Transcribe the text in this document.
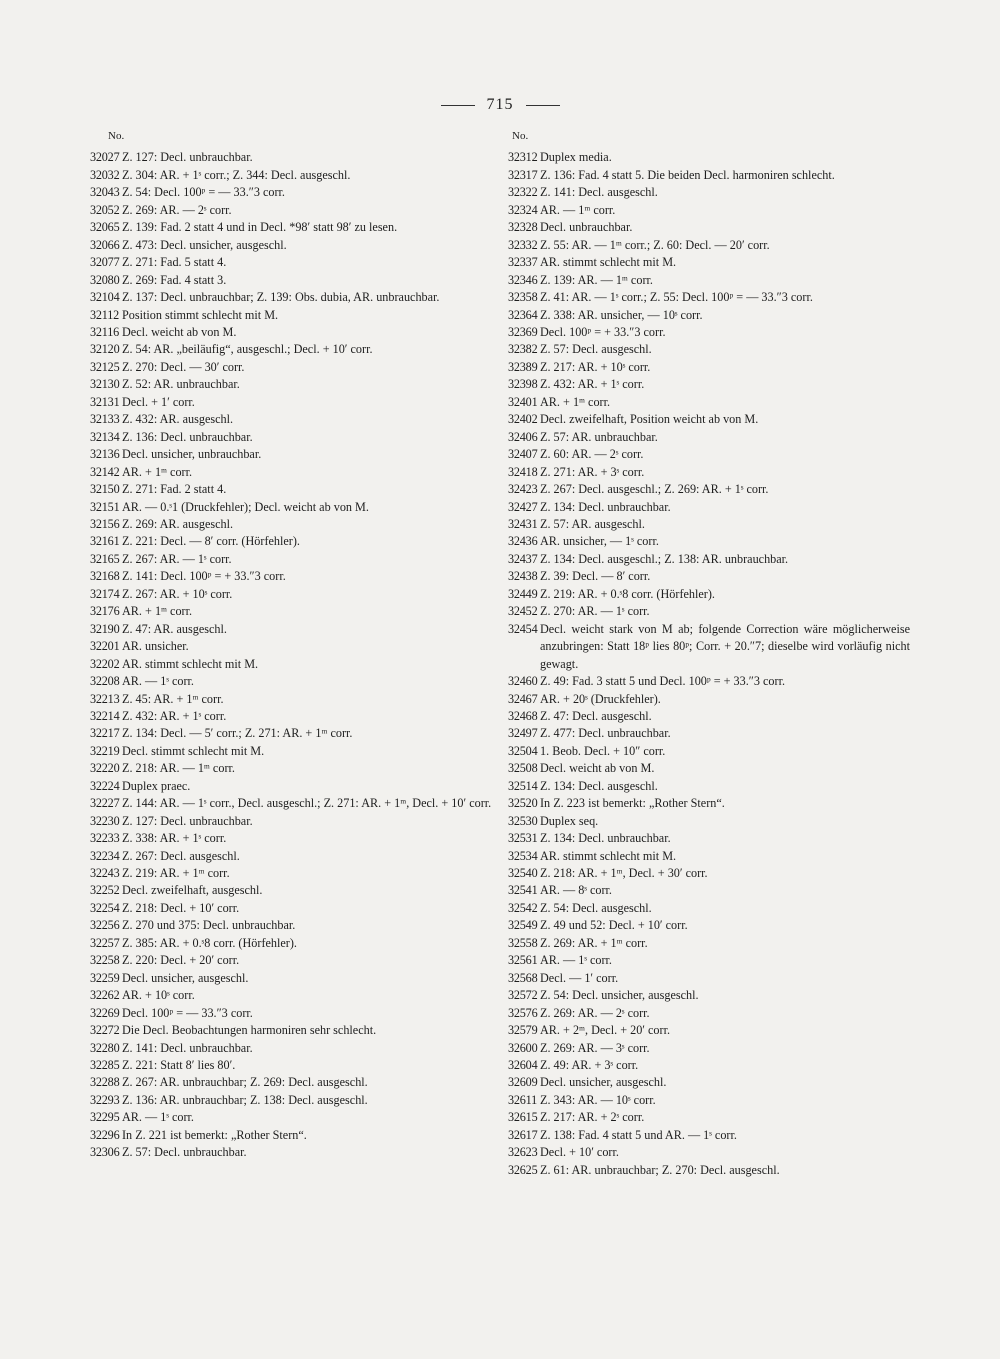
715
No.
32027 Z. 127: Decl. unbrauchbar.
32032 Z. 304: AR. + 1ˢ corr.; Z. 344: Decl. ausgeschl.
32043 Z. 54: Decl. 100ᵖ = — 33.″3 corr.
32052 Z. 269: AR. — 2ˢ corr.
32065 Z. 139: Fad. 2 statt 4 und in Decl. *98′ statt 98′ zu lesen.
32066 Z. 473: Decl. unsicher, ausgeschl.
32077 Z. 271: Fad. 5 statt 4.
32080 Z. 269: Fad. 4 statt 3.
32104 Z. 137: Decl. unbrauchbar; Z. 139: Obs. dubia, AR. unbrauchbar.
32112 Position stimmt schlecht mit M.
32116 Decl. weicht ab von M.
32120 Z. 54: AR. „beiläufig“, ausgeschl.; Decl. + 10′ corr.
32125 Z. 270: Decl. — 30′ corr.
32130 Z. 52: AR. unbrauchbar.
32131 Decl. + 1′ corr.
32133 Z. 432: AR. ausgeschl.
32134 Z. 136: Decl. unbrauchbar.
32136 Decl. unsicher, unbrauchbar.
32142 AR. + 1ᵐ corr.
32150 Z. 271: Fad. 2 statt 4.
32151 AR. — 0.ˢ1 (Druckfehler); Decl. weicht ab von M.
32156 Z. 269: AR. ausgeschl.
32161 Z. 221: Decl. — 8′ corr. (Hörfehler).
32165 Z. 267: AR. — 1ˢ corr.
32168 Z. 141: Decl. 100ᵖ = + 33.″3 corr.
32174 Z. 267: AR. + 10ˢ corr.
32176 AR. + 1ᵐ corr.
32190 Z. 47: AR. ausgeschl.
32201 AR. unsicher.
32202 AR. stimmt schlecht mit M.
32208 AR. — 1ˢ corr.
32213 Z. 45: AR. + 1ᵐ corr.
32214 Z. 432: AR. + 1ˢ corr.
32217 Z. 134: Decl. — 5′ corr.; Z. 271: AR. + 1ᵐ corr.
32219 Decl. stimmt schlecht mit M.
32220 Z. 218: AR. — 1ᵐ corr.
32224 Duplex praec.
32227 Z. 144: AR. — 1ˢ corr., Decl. ausgeschl.; Z. 271: AR. + 1ᵐ, Decl. + 10′ corr.
32230 Z. 127: Decl. unbrauchbar.
32233 Z. 338: AR. + 1ˢ corr.
32234 Z. 267: Decl. ausgeschl.
32243 Z. 219: AR. + 1ᵐ corr.
32252 Decl. zweifelhaft, ausgeschl.
32254 Z. 218: Decl. + 10′ corr.
32256 Z. 270 und 375: Decl. unbrauchbar.
32257 Z. 385: AR. + 0.ˢ8 corr. (Hörfehler).
32258 Z. 220: Decl. + 20′ corr.
32259 Decl. unsicher, ausgeschl.
32262 AR. + 10ˢ corr.
32269 Decl. 100ᵖ = — 33.″3 corr.
32272 Die Decl. Beobachtungen harmoniren sehr schlecht.
32280 Z. 141: Decl. unbrauchbar.
32285 Z. 221: Statt 8′ lies 80′.
32288 Z. 267: AR. unbrauchbar; Z. 269: Decl. ausgeschl.
32293 Z. 136: AR. unbrauchbar; Z. 138: Decl. ausgeschl.
32295 AR. — 1ˢ corr.
32296 In Z. 221 ist bemerkt: „Rother Stern“.
32306 Z. 57: Decl. unbrauchbar.
No.
32312 Duplex media.
32317 Z. 136: Fad. 4 statt 5. Die beiden Decl. harmoniren schlecht.
32322 Z. 141: Decl. ausgeschl.
32324 AR. — 1ᵐ corr.
32328 Decl. unbrauchbar.
32332 Z. 55: AR. — 1ᵐ corr.; Z. 60: Decl. — 20′ corr.
32337 AR. stimmt schlecht mit M.
32346 Z. 139: AR. — 1ᵐ corr.
32358 Z. 41: AR. — 1ˢ corr.; Z. 55: Decl. 100ᵖ = — 33.″3 corr.
32364 Z. 338: AR. unsicher, — 10ˢ corr.
32369 Decl. 100ᵖ = + 33.″3 corr.
32382 Z. 57: Decl. ausgeschl.
32389 Z. 217: AR. + 10ˢ corr.
32398 Z. 432: AR. + 1ˢ corr.
32401 AR. + 1ᵐ corr.
32402 Decl. zweifelhaft, Position weicht ab von M.
32406 Z. 57: AR. unbrauchbar.
32407 Z. 60: AR. — 2ˢ corr.
32418 Z. 271: AR. + 3ˢ corr.
32423 Z. 267: Decl. ausgeschl.; Z. 269: AR. + 1ˢ corr.
32427 Z. 134: Decl. unbrauchbar.
32431 Z. 57: AR. ausgeschl.
32436 AR. unsicher, — 1ˢ corr.
32437 Z. 134: Decl. ausgeschl.; Z. 138: AR. unbrauchbar.
32438 Z. 39: Decl. — 8′ corr.
32449 Z. 219: AR. + 0.ˢ8 corr. (Hörfehler).
32452 Z. 270: AR. — 1ˢ corr.
32454 Decl. weicht stark von M ab; folgende Correction wäre möglicherweise anzubringen: Statt 18ᵖ lies 80ᵖ; Corr. + 20.″7; dieselbe wird vorläufig nicht gewagt.
32460 Z. 49: Fad. 3 statt 5 und Decl. 100ᵖ = + 33.″3 corr.
32467 AR. + 20ˢ (Druckfehler).
32468 Z. 47: Decl. ausgeschl.
32497 Z. 477: Decl. unbrauchbar.
32504 1. Beob. Decl. + 10″ corr.
32508 Decl. weicht ab von M.
32514 Z. 134: Decl. ausgeschl.
32520 In Z. 223 ist bemerkt: „Rother Stern“.
32530 Duplex seq.
32531 Z. 134: Decl. unbrauchbar.
32534 AR. stimmt schlecht mit M.
32540 Z. 218: AR. + 1ᵐ, Decl. + 30′ corr.
32541 AR. — 8ˢ corr.
32542 Z. 54: Decl. ausgeschl.
32549 Z. 49 und 52: Decl. + 10′ corr.
32558 Z. 269: AR. + 1ᵐ corr.
32561 AR. — 1ˢ corr.
32568 Decl. — 1′ corr.
32572 Z. 54: Decl. unsicher, ausgeschl.
32576 Z. 269: AR. — 2ˢ corr.
32579 AR. + 2ᵐ, Decl. + 20′ corr.
32600 Z. 269: AR. — 3ˢ corr.
32604 Z. 49: AR. + 3ˢ corr.
32609 Decl. unsicher, ausgeschl.
32611 Z. 343: AR. — 10ˢ corr.
32615 Z. 217: AR. + 2ˢ corr.
32617 Z. 138: Fad. 4 statt 5 und AR. — 1ˢ corr.
32623 Decl. + 10′ corr.
32625 Z. 61: AR. unbrauchbar; Z. 270: Decl. ausgeschl.
